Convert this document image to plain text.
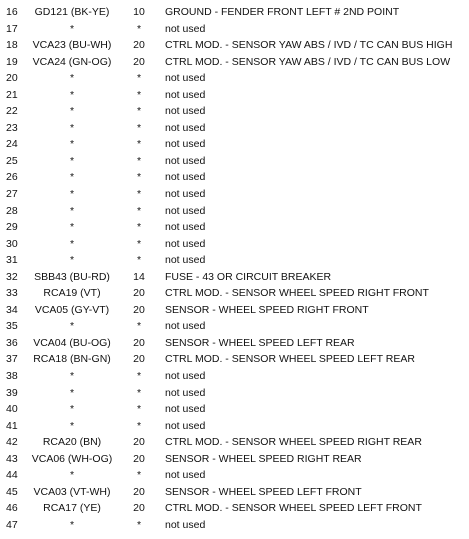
16	GD121 (BK-YE)	10	GROUND - FENDER FRONT LEFT # 2ND POINT
17	*	*	not used
18	VCA23 (BU-WH)	20	CTRL MOD. - SENSOR YAW ABS / IVD / TC CAN BUS HIGH
19	VCA24 (GN-OG)	20	CTRL MOD. - SENSOR YAW ABS / IVD / TC CAN BUS LOW
20	*	*	not used
21	*	*	not used
22	*	*	not used
23	*	*	not used
24	*	*	not used
25	*	*	not used
26	*	*	not used
27	*	*	not used
28	*	*	not used
29	*	*	not used
30	*	*	not used
31	*	*	not used
32	SBB43 (BU-RD)	14	FUSE - 43 OR CIRCUIT BREAKER
33	RCA19 (VT)	20	CTRL MOD. - SENSOR WHEEL SPEED RIGHT FRONT
34	VCA05 (GY-VT)	20	SENSOR - WHEEL SPEED RIGHT FRONT
35	*	*	not used
36	VCA04 (BU-OG)	20	SENSOR - WHEEL SPEED LEFT REAR
37	RCA18 (BN-GN)	20	CTRL MOD. - SENSOR WHEEL SPEED LEFT REAR
38	*	*	not used
39	*	*	not used
40	*	*	not used
41	*	*	not used
42	RCA20 (BN)	20	CTRL MOD. - SENSOR WHEEL SPEED RIGHT REAR
43	VCA06 (WH-OG)	20	SENSOR - WHEEL SPEED RIGHT REAR
44	*	*	not used
45	VCA03 (VT-WH)	20	SENSOR - WHEEL SPEED LEFT FRONT
46	RCA17 (YE)	20	CTRL MOD. - SENSOR WHEEL SPEED LEFT FRONT
47	*	*	not used
